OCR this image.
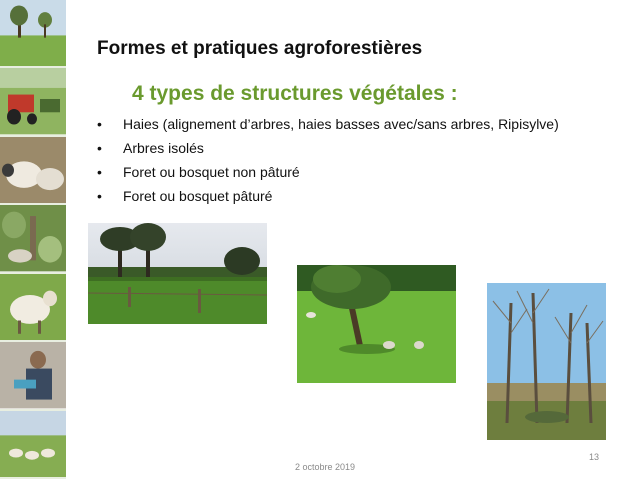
Formes et pratiques agroforestières
4 types de structures végétales :
•	Haies (alignement d’arbres, haies basses avec/sans arbres, Ripisylve)
•	Arbres isolés
•	Foret ou bosquet non pâturé
•	Foret ou bosquet pâturé
2 octobre 2019
13
